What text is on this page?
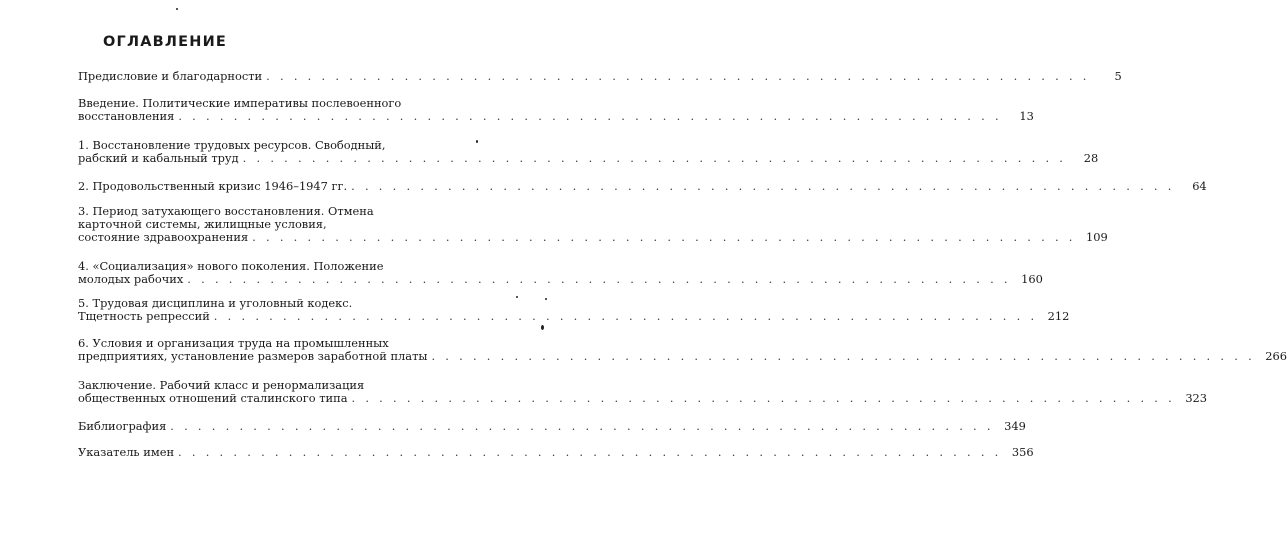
ОГЛАВЛЕНИЕ
Предисловие и благодарности . . . . . . . . . . . . . . . . . . . . . . . . . . . . . . . . . . . . . . . . . . . . . . . . . . . . . . . . . . . .	5
Введение. Политические императивы послевоенного
восстановления . . . . . . . . . . . . . . . . . . . . . . . . . . . . . . . . . . . . . . . . . . . . . . . . . . . . . . . . . . . .	13
1. Восстановление трудовых ресурсов. Свободный,
рабский и кабальный труд . . . . . . . . . . . . . . . . . . . . . . . . . . . . . . . . . . . . . . . . . . . . . . . . . . . . . . . . . . . .	28
2. Продовольственный кризис 1946–1947 гг. . . . . . . . . . . . . . . . . . . . . . . . . . . . . . . . . . . . . . . . . . . . . . . . . . . . . . . . . . . . .	64
3. Период затухающего восстановления. Отмена
карточной системы, жилищные условия,
состояние здравоохранения . . . . . . . . . . . . . . . . . . . . . . . . . . . . . . . . . . . . . . . . . . . . . . . . . . . . . . . . . . . . 109
4. «Социализация» нового поколения. Положение
молодых рабочих . . . . . . . . . . . . . . . . . . . . . . . . . . . . . . . . . . . . . . . . . . . . . . . . . . . . . . . . . . . . 160
5. Трудовая дисциплина и уголовный кодекс.
Тщетность репрессий . . . . . . . . . . . . . . . . . . . . . . . . . . . . . . . . . . . . . . . . . . . . . . . . . . . . . . . . . . . . 212
6. Условия и организация труда на промышленных
предприятиях, установление размеров заработной платы . . . . . . . . . . . . . . . . . . . . . . . . . . . . . . . . . . . . . . . . . . . . . . . . . . . . . . . . . . . . 266
Заключение. Рабочий класс и ренормализация
общественных отношений сталинского типа . . . . . . . . . . . . . . . . . . . . . . . . . . . . . . . . . . . . . . . . . . . . . . . . . . . . . . . . . . . . 323
Библиография . . . . . . . . . . . . . . . . . . . . . . . . . . . . . . . . . . . . . . . . . . . . . . . . . . . . . . . . . . . . 349
Указатель имен . . . . . . . . . . . . . . . . . . . . . . . . . . . . . . . . . . . . . . . . . . . . . . . . . . . . . . . . . . . . 356
